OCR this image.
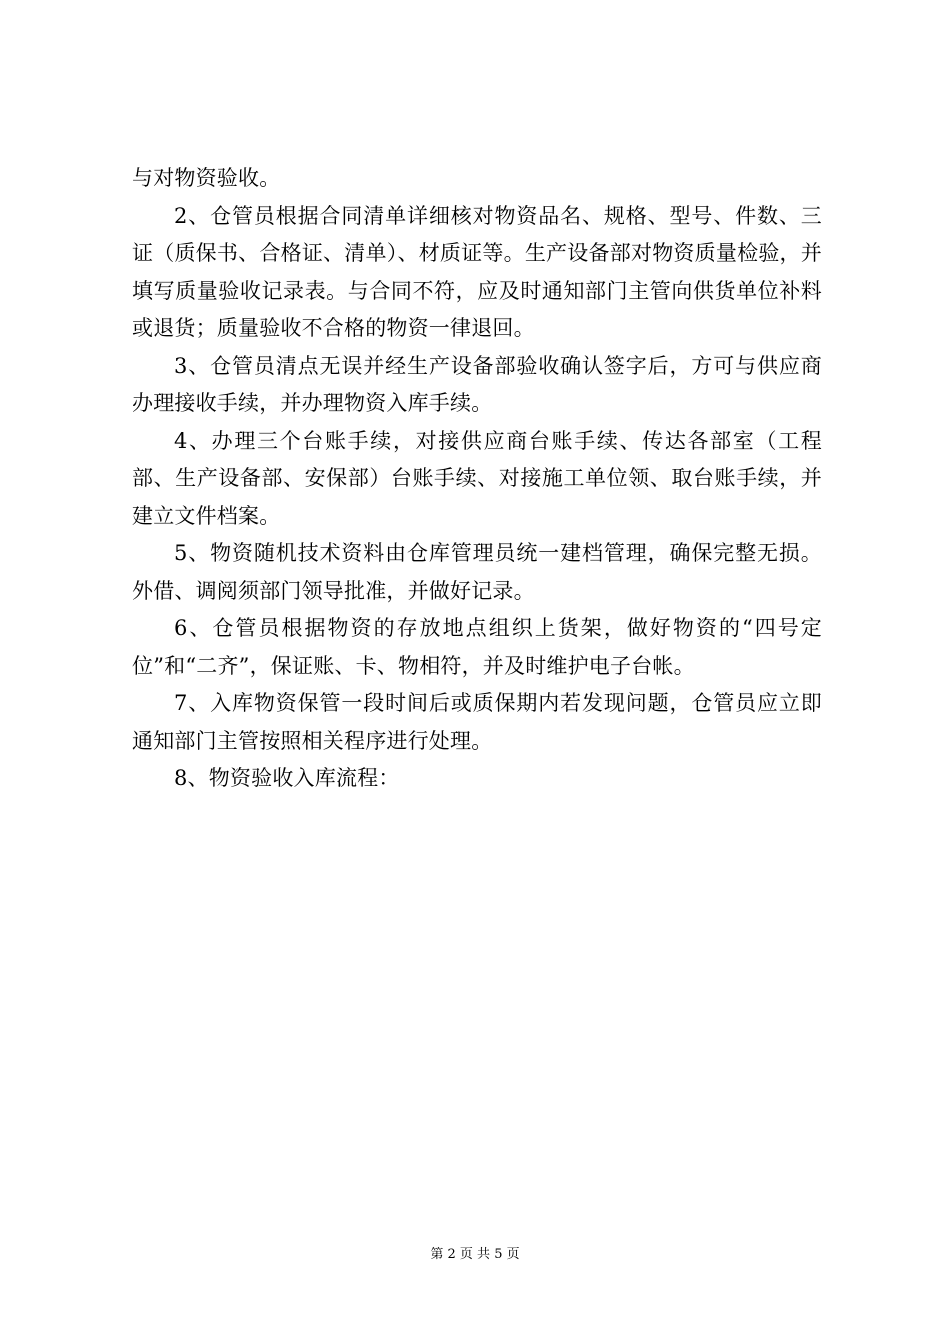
与对物资验收。

2、仓管员根据合同清单详细核对物资品名、规格、型号、件数、三证（质保书、合格证、清单）、材质证等。生产设备部对物资质量检验，并填写质量验收记录表。与合同不符，应及时通知部门主管向供货单位补料或退货；质量验收不合格的物资一律退回。

3、仓管员清点无误并经生产设备部验收确认签字后，方可与供应商办理接收手续，并办理物资入库手续。

4、办理三个台账手续，对接供应商台账手续、传达各部室（工程部、生产设备部、安保部）台账手续、对接施工单位领、取台账手续，并建立文件档案。

5、物资随机技术资料由仓库管理员统一建档管理，确保完整无损。外借、调阅须部门领导批准，并做好记录。

6、仓管员根据物资的存放地点组织上货架，做好物资的“四号定位”和“二齐”，保证账、卡、物相符，并及时维护电子台帐。

7、入库物资保管一段时间后或质保期内若发现问题，仓管员应立即通知部门主管按照相关程序进行处理。

8、物资验收入库流程：

第 2 页 共 5 页
